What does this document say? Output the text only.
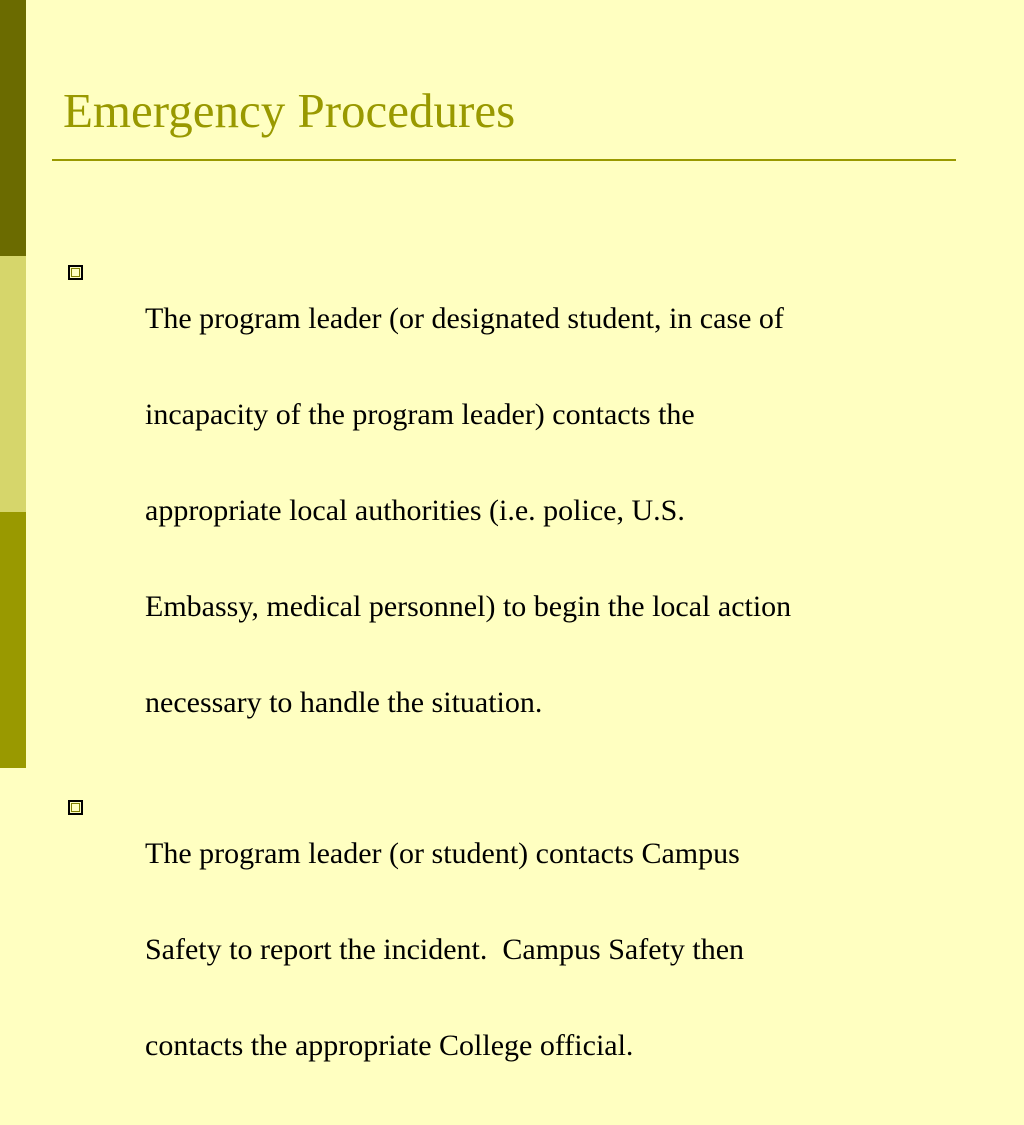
Emergency Procedures

The program leader (or designated student, in case of

incapacity of the program leader) contacts the

appropriate local authorities (i.e. police, U.S.

Embassy, medical personnel) to begin the local action

necessary to handle the situation.

The program leader (or student) contacts Campus

Safety to report the incident.  Campus Safety then

contacts the appropriate College official.
